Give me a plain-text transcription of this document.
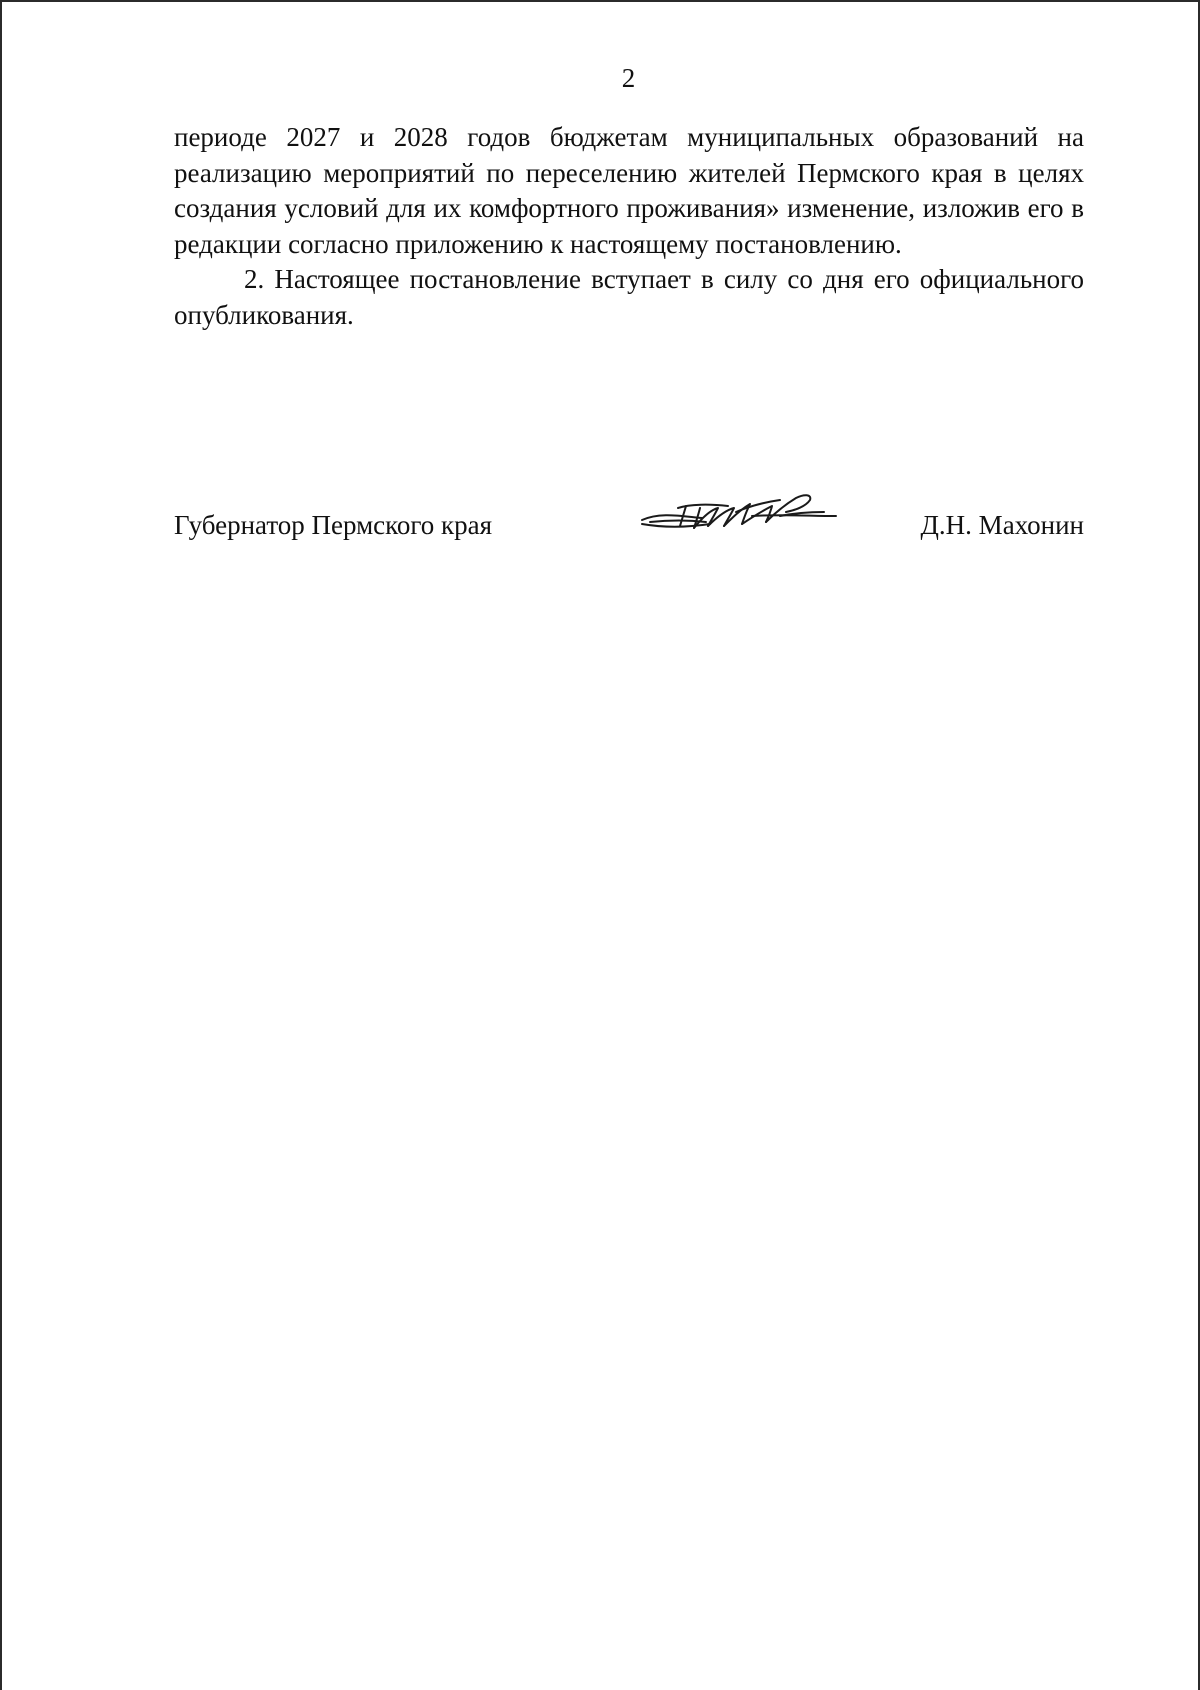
2

периоде 2027 и 2028 годов бюджетам муниципальных образований на реализацию мероприятий по переселению жителей Пермского края в целях создания условий для их комфортного проживания» изменение, изложив его в редакции согласно приложению к настоящему постановлению.

2. Настоящее постановление вступает в силу со дня его официального опубликования.

Губернатор Пермского края	Д.Н. Махонин
